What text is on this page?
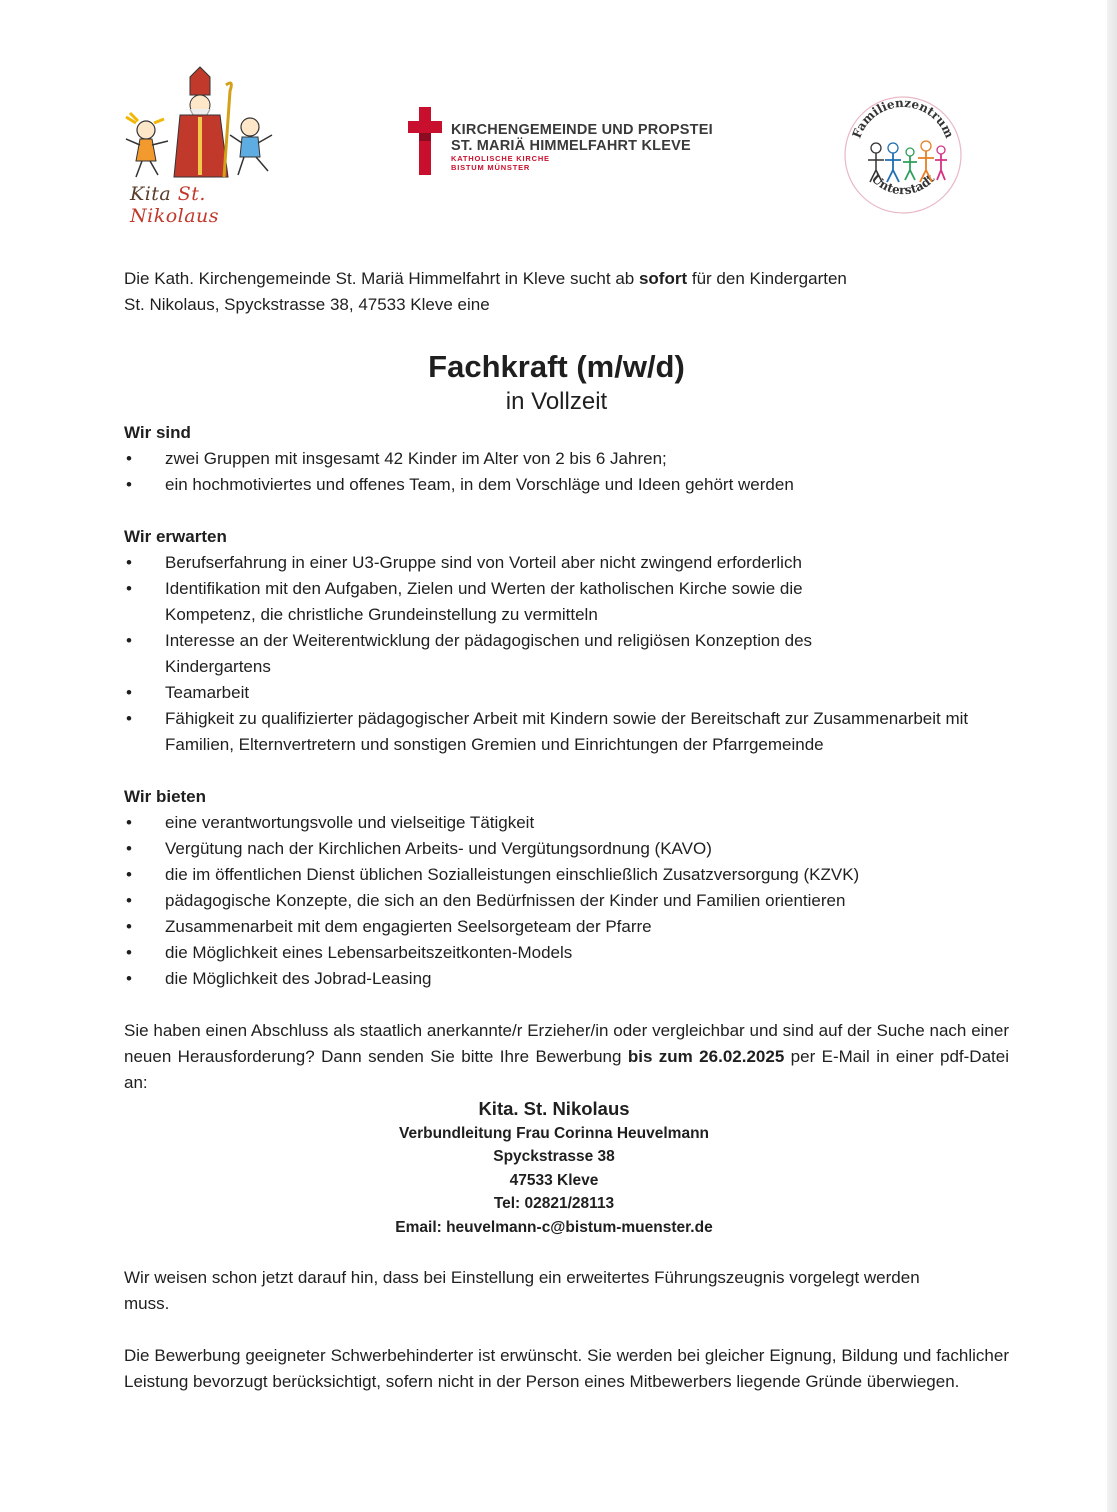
Kita St. Nikolaus
KIRCHENGEMEINDE UND PROPSTEI
ST. MARIÄ HIMMELFAHRT KLEVE
KATHOLISCHE KIRCHE
BISTUM MÜNSTER
Familienzentrum
Unterstadt

Die Kath. Kirchengemeinde St. Mariä Himmelfahrt in Kleve sucht ab sofort für den Kindergarten
St. Nikolaus, Spyckstrasse 38, 47533 Kleve eine

Fachkraft (m/w/d)
in Vollzeit
Wir sind
• zwei Gruppen mit insgesamt 42 Kinder im Alter von 2 bis 6 Jahren;
• ein hochmotiviertes und offenes Team, in dem Vorschläge und Ideen gehört werden
Wir erwarten
• Berufserfahrung in einer U3-Gruppe sind von Vorteil aber nicht zwingend erforderlich
• Identifikation mit den Aufgaben, Zielen und Werten der katholischen Kirche sowie die Kompetenz, die christliche Grundeinstellung zu vermitteln
• Interesse an der Weiterentwicklung der pädagogischen und religiösen Konzeption des Kindergartens
• Teamarbeit
• Fähigkeit zu qualifizierter pädagogischer Arbeit mit Kindern sowie der Bereitschaft zur Zusammenarbeit mit Familien, Elternvertretern und sonstigen Gremien und Einrichtungen der Pfarrgemeinde
Wir bieten
• eine verantwortungsvolle und vielseitige Tätigkeit
• Vergütung nach der Kirchlichen Arbeits- und Vergütungsordnung (KAVO)
• die im öffentlichen Dienst üblichen Sozialleistungen einschließlich Zusatzversorgung (KZVK)
• pädagogische Konzepte, die sich an den Bedürfnissen der Kinder und Familien orientieren
• Zusammenarbeit mit dem engagierten Seelsorgeteam der Pfarre
• die Möglichkeit eines Lebensarbeitszeitkonten-Models
• die Möglichkeit des Jobrad-Leasing

Sie haben einen Abschluss als staatlich anerkannte/r Erzieher/in oder vergleichbar und sind auf der Suche nach einer neuen Herausforderung? Dann senden Sie bitte Ihre Bewerbung bis zum 26.02.2025 per E-Mail in einer pdf-Datei an:

Kita. St. Nikolaus
Verbundleitung Frau Corinna Heuvelmann
Spyckstrasse 38
47533 Kleve
Tel: 02821/28113
Email: heuvelmann-c@bistum-muenster.de

Wir weisen schon jetzt darauf hin, dass bei Einstellung ein erweitertes Führungszeugnis vorgelegt werden muss.

Die Bewerbung geeigneter Schwerbehinderter ist erwünscht. Sie werden bei gleicher Eignung, Bildung und fachlicher Leistung bevorzugt berücksichtigt, sofern nicht in der Person eines Mitbewerbers liegende Gründe überwiegen.
